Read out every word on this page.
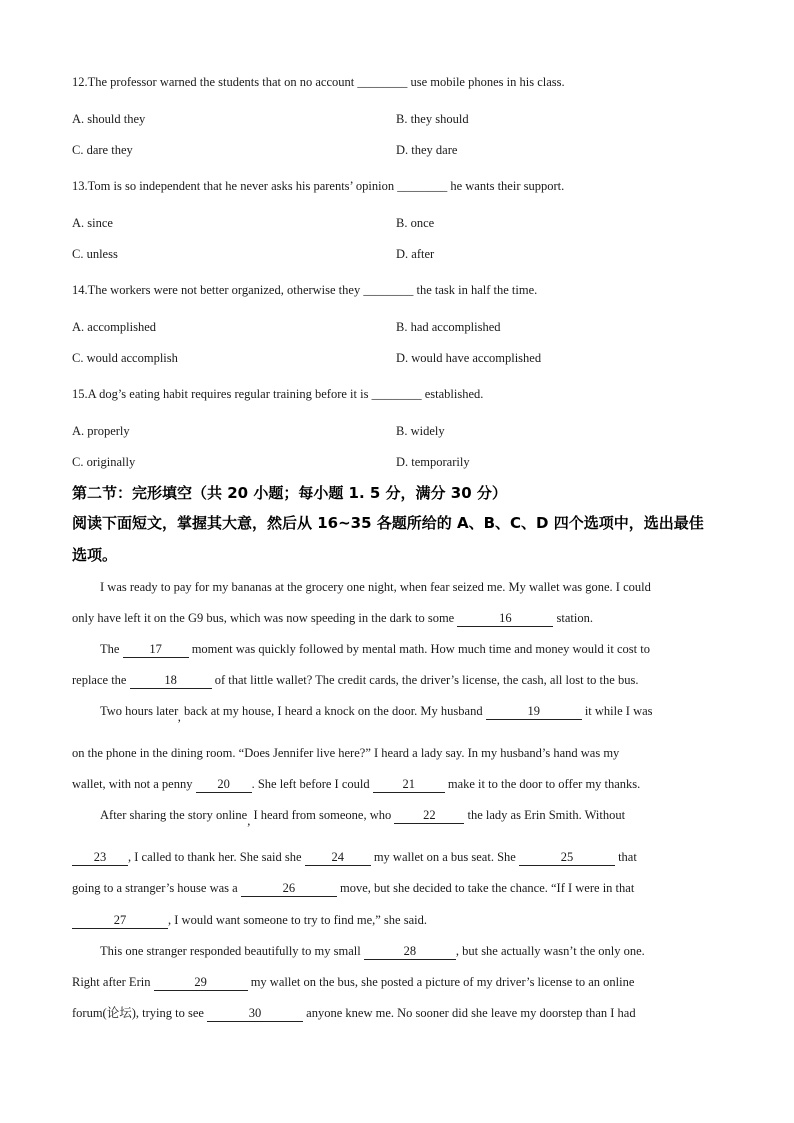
12.The professor warned the students that on no account ________ use mobile phones in his class.
A. should they	B. they should
C. dare they	D. they dare
13.Tom is so independent that he never asks his parents’ opinion ________ he wants their support.
A. since	B. once
C. unless	D. after
14.The workers were not better organized, otherwise they ________ the task in half the time.
A. accomplished	B. had accomplished
C. would accomplish	D. would have accomplished
15.A dog’s eating habit requires regular training before it is ________ established.
A. properly	B. widely
C. originally	D. temporarily
第二节：完形填空（共 20 小题；每小题 1. 5 分，满分 30 分）
阅读下面短文，掌握其大意，然后从 16~35 各题所给的 A、B、C、D 四个选项中，选出最佳
选项。
I was ready to pay for my bananas at the grocery one night, when fear seized me. My wallet was gone. I could
only have left it on the G9 bus, which was now speeding in the dark to some	16	station.
The 17 moment was quickly followed by mental math. How much time and money would it cost to
replace the	18	of that little wallet? The credit cards, the driver’s license, the cash, all lost to the bus.
Two hours later, back at my house, I heard a knock on the door. My husband	19	it while I was
on the phone in the dining room. “Does Jennifer live here?” I heard a lady say. In my husband’s hand was my
wallet, with not a penny 20 . She left before I could	21	make it to the door to offer my thanks.
After sharing the story online, I heard from someone, who	22	the lady as Erin Smith. Without
23 , I called to thank her. She said she 24 my wallet on a bus seat. She	25	that
going to a stranger’s house was a	26	move, but she decided to take the chance. “If I were in that
27	, I would want someone to try to find me,” she said.
This one stranger responded beautifully to my small	28	, but she actually wasn’t the only one.
Right after Erin	29	my wallet on the bus, she posted a picture of my driver’s license to an online
forum(论坛), trying to see	30	anyone knew me. No sooner did she leave my doorstep than I had
